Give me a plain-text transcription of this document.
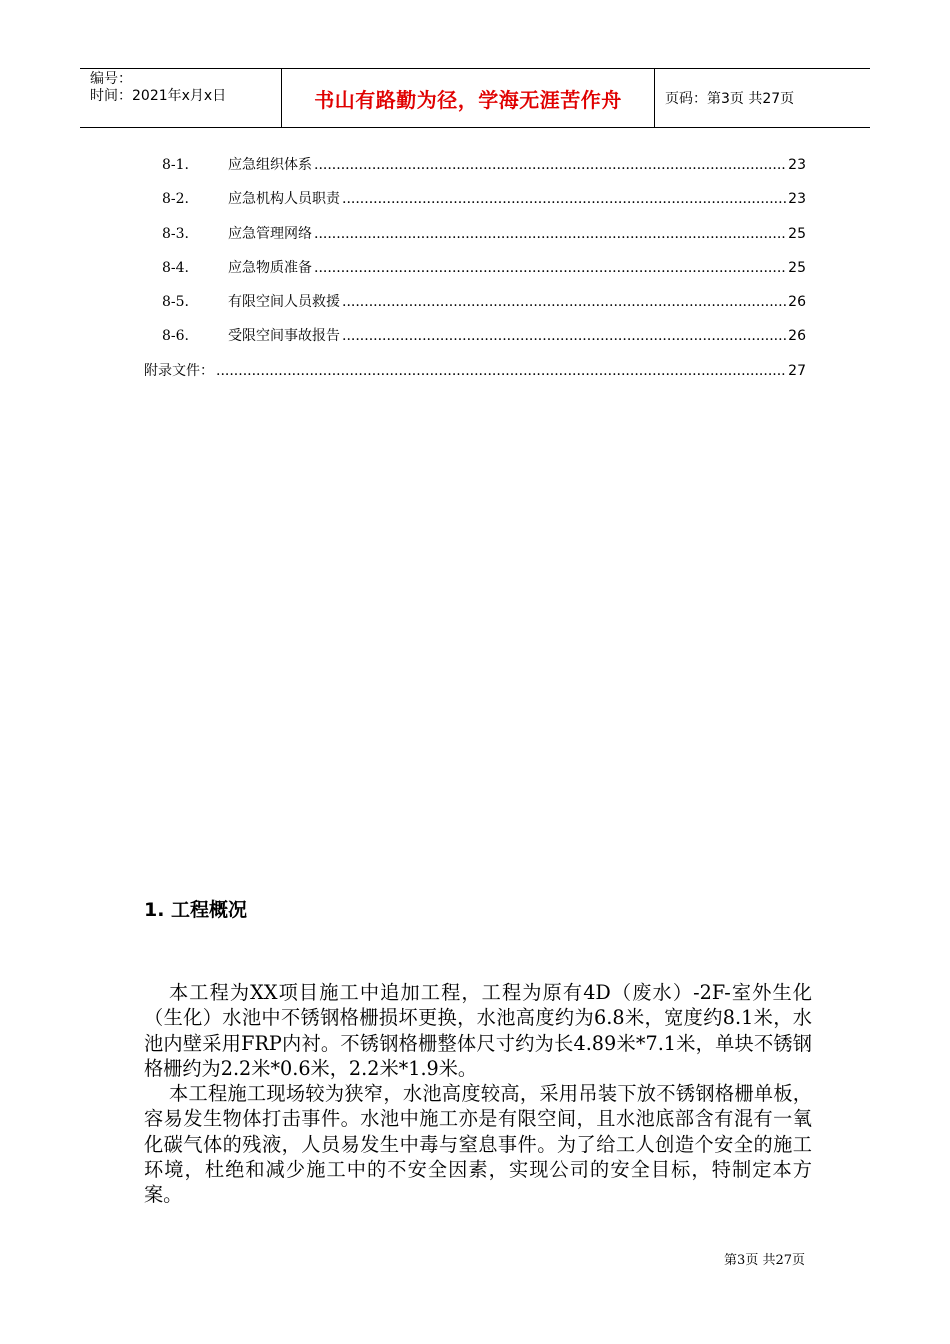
编号：
时间：2021年x月x日	书山有路勤为径，学海无涯苦作舟	页码：第3页 共27页
8-1.	应急组织体系 .....	23
8-2.	应急机构人员职责 .....	23
8-3.	应急管理网络 .....	25
8-4.	应急物质准备 .....	25
8-5.	有限空间人员救援 .....	26
8-6.	受限空间事故报告 .....	26
附录文件： .....	27
1. 工程概况

本工程为XX项目施工中追加工程，工程为原有4D（废水）-2F-室外生化（生化）水池中不锈钢格栅损坏更换，水池高度约为6.8米，宽度约8.1米，水池内壁采用FRP内衬。不锈钢格栅整体尺寸约为长4.89米*7.1米，单块不锈钢格栅约为2.2米*0.6米，2.2米*1.9米。

本工程施工现场较为狭窄，水池高度较高，采用吊装下放不锈钢格栅单板，容易发生物体打击事件。水池中施工亦是有限空间，且水池底部含有混有一氧化碳气体的残液，人员易发生中毒与窒息事件。为了给工人创造个安全的施工环境，杜绝和减少施工中的不安全因素，实现公司的安全目标，特制定本方案。

第3页 共27页
